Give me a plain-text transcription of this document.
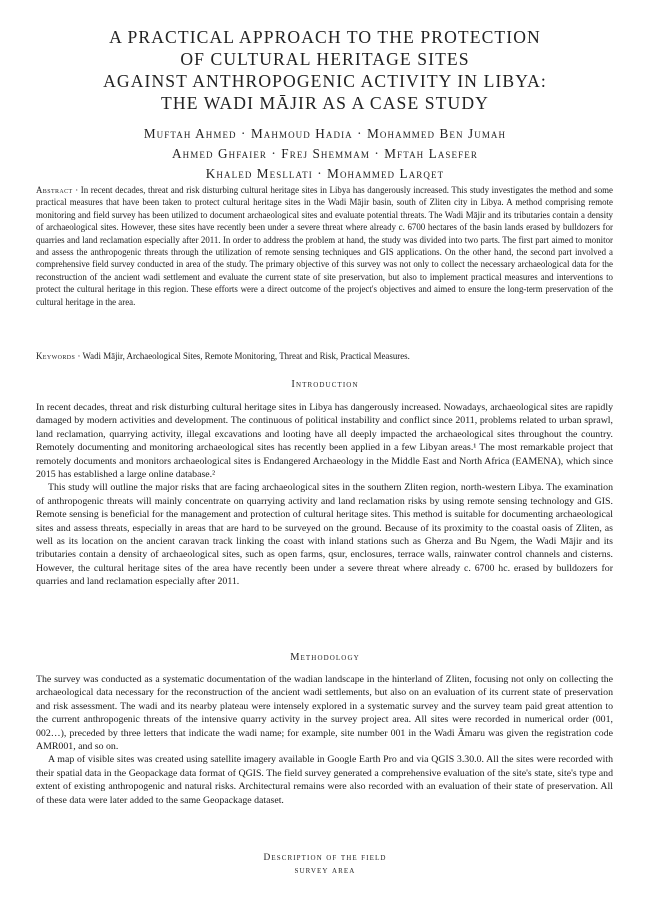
A PRACTICAL APPROACH TO THE PROTECTION
OF CULTURAL HERITAGE SITES
AGAINST ANTHROPOGENIC ACTIVITY IN LIBYA:
THE WADI MĀJIR AS A CASE STUDY
Muftah Ahmed · Mahmoud Hadia · Mohammed Ben Jumah
Ahmed Ghfaier · Frej Shemmam · Mftah Lasefer
Khaled Mesllati · Mohammed Larqet
Abstract · In recent decades, threat and risk disturbing cultural heritage sites in Libya has dangerously increased. This study investigates the method and some practical measures that have been taken to protect cultural heritage sites in the Wadi Mājir basin, south of Zliten city in Libya. A method comprising remote monitoring and field survey has been utilized to document archaeological sites and evaluate potential threats. The Wadi Mājir and its tributaries contain a density of archaeological sites. However, these sites have recently been under a severe threat where already c. 6700 hectares of the basin lands erased by bulldozers for quarries and land reclamation especially after 2011. In order to address the problem at hand, the study was divided into two parts. The first part aimed to monitor and assess the anthropogenic threats through the utilization of remote sensing techniques and GIS applications. On the other hand, the second part involved a comprehensive field survey conducted in area of the study. The primary objective of this survey was not only to collect the necessary archaeological data for the reconstruction of the ancient wadi settlement and evaluate the current state of site preservation, but also to implement practical measures and interventions to protect the cultural heritage in this region. These efforts were a direct outcome of the project's objectives and aimed to ensure the long-term preservation of the cultural heritage in the area.
Keywords · Wadi Mājir, Archaeological Sites, Remote Monitoring, Threat and Risk, Practical Measures.
Introduction

In recent decades, threat and risk disturbing cultural heritage sites in Libya has dangerously increased. Nowadays, archaeological sites are rapidly damaged by modern activities and development. The continuous of political instability and conflict since 2011, problems related to urban sprawl, land reclamation, quarrying activity, illegal excavations and looting have all deeply impacted the archaeological sites throughout the country. Remotely documenting and monitoring archaeological sites has recently been applied in a few Libyan areas.¹ The most remarkable project that remotely documents and monitors archaeological sites is Endangered Archaeology in the Middle East and North Africa (EAMENA), which since 2015 has established a large online database.²

This study will outline the major risks that are facing archaeological sites in the southern Zliten region, north-western Libya. The examination of anthropogenic threats will mainly concentrate on quarrying activity and land reclamation risks by using remote sensing technology and GIS. Remote sensing is beneficial for the management and protection of cultural heritage sites. This method is suitable for documenting archaeological sites and assess threats, especially in areas that are hard to be surveyed on the ground. Because of its proximity to the coastal oasis of Zliten, as well as its location on the ancient caravan track linking the coast with inland stations such as Gherza and Bu Ngem, the Wadi Mājir and its tributaries contain a density of archaeological sites, such as open farms, qsur, enclosures, terrace walls, rainwater control channels and cisterns. However, the cultural heritage sites of the area have recently been under a severe threat where already c. 6700 hc. erased by bulldozers for quarries and land reclamation especially after 2011.

Methodology

The survey was conducted as a systematic documentation of the wadian landscape in the hinterland of Zliten, focusing not only on collecting the archaeological data necessary for the reconstruction of the ancient wadi settlements, but also on an evaluation of its current state of preservation and risk assessment. The wadi and its nearby plateau were intensely explored in a systematic survey and the survey team paid great attention to the current anthropogenic threats of the intensive quarry activity in the survey project area. All sites were recorded in numerical order (001, 002…), preceded by three letters that indicate the wadi name; for example, site number 001 in the Wadi Āmaru was given the registration code AMR001, and so on.

A map of visible sites was created using satellite imagery available in Google Earth Pro and via QGIS 3.30.0. All the sites were recorded with their spatial data in the Geopackage data format of QGIS. The field survey generated a comprehensive evaluation of the site's state, site's type and extent of existing anthropogenic and natural risks. Architectural remains were also recorded with an evaluation of their state of preservation. All of these data were later added to the same Geopackage dataset.

Description of the field
survey area
